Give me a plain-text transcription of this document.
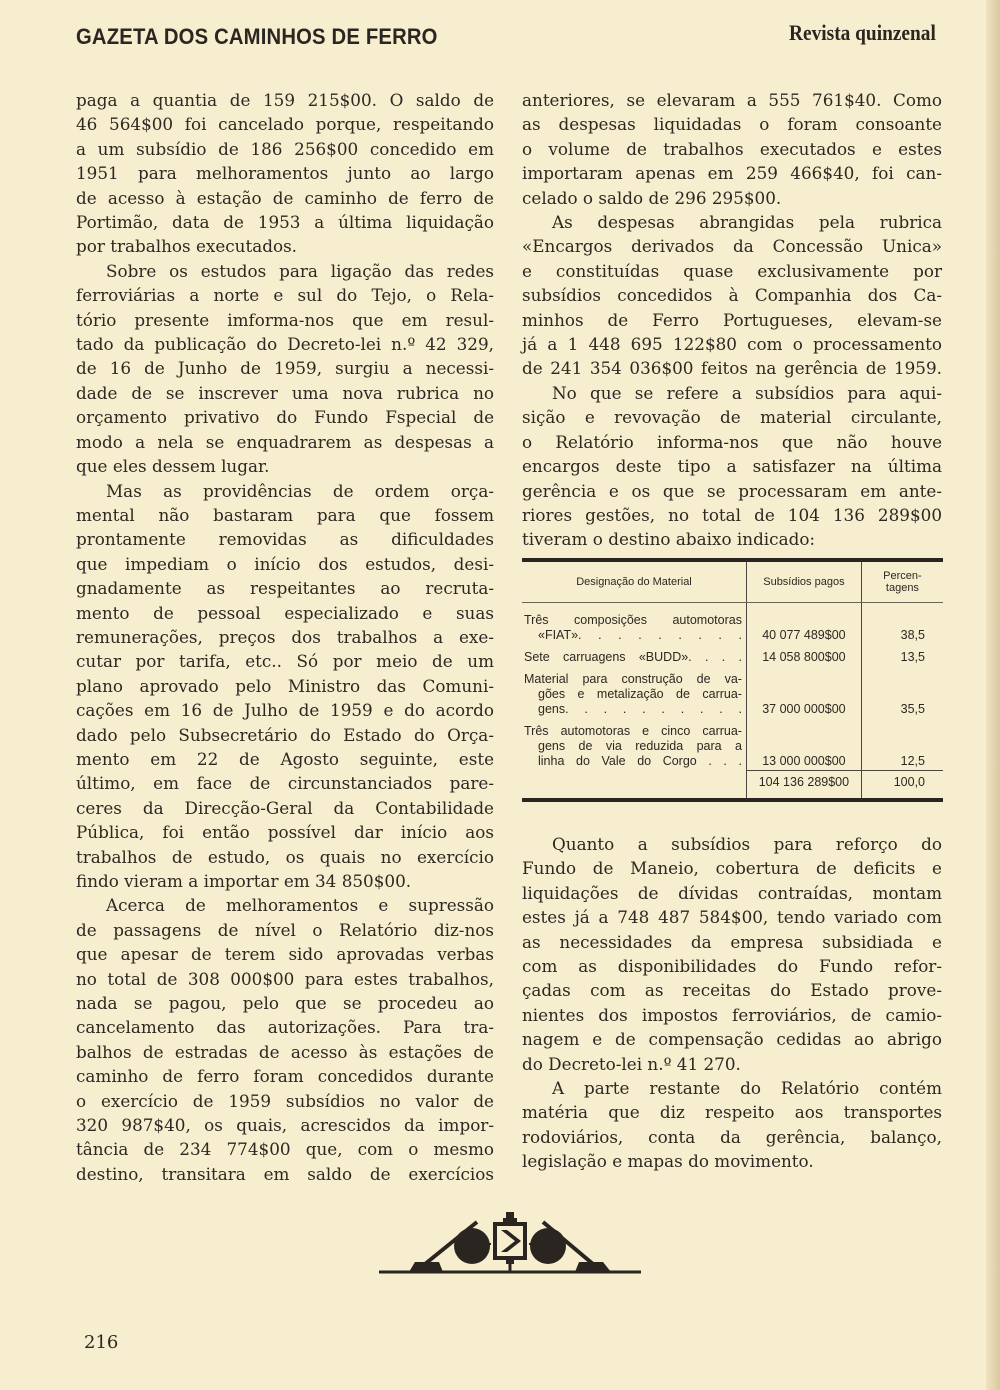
GAZETA DOS CAMINHOS DE FERRO	Revista quinzenal
paga a quantia de 159 215$00. O saldo de
46 564$00 foi cancelado porque, respeitando
a um subsídio de 186 256$00 concedido em
1951 para melhoramentos junto ao largo
de acesso à estação de caminho de ferro de
Portimão, data de 1953 a última liquidação
por trabalhos executados.
Sobre os estudos para ligação das redes
ferroviárias a norte e sul do Tejo, o Rela-
tório presente imforma-nos que em resul-
tado da publicação do Decreto-lei n.º 42 329,
de 16 de Junho de 1959, surgiu a necessi-
dade de se inscrever uma nova rubrica no
orçamento privativo do Fundo Fspecial de
modo a nela se enquadrarem as despesas a
que eles dessem lugar.
Mas as providências de ordem orça-
mental não bastaram para que fossem
prontamente removidas as dificuldades
que impediam o início dos estudos, desi-
gnadamente as respeitantes ao recruta-
mento de pessoal especializado e suas
remunerações, preços dos trabalhos a exe-
cutar por tarifa, etc.. Só por meio de um
plano aprovado pelo Ministro das Comuni-
cações em 16 de Julho de 1959 e do acordo
dado pelo Subsecretário do Estado do Orça-
mento em 22 de Agosto seguinte, este
último, em face de circunstanciados pare-
ceres da Direcção-Geral da Contabilidade
Pública, foi então possível dar início aos
trabalhos de estudo, os quais no exercício
findo vieram a importar em 34 850$00.
Acerca de melhoramentos e supressão
de passagens de nível o Relatório diz-nos
que apesar de terem sido aprovadas verbas
no total de 308 000$00 para estes trabalhos,
nada se pagou, pelo que se procedeu ao
cancelamento das autorizações. Para tra-
balhos de estradas de acesso às estações de
caminho de ferro foram concedidos durante
o exercício de 1959 subsídios no valor de
320 987$40, os quais, acrescidos da impor-
tância de 234 774$00 que, com o mesmo
destino, transitara em saldo de exercícios
anteriores, se elevaram a 555 761$40. Como
as despesas liquidadas o foram consoante
o volume de trabalhos executados e estes
importaram apenas em 259 466$40, foi can-
celado o saldo de 296 295$00.
As despesas abrangidas pela rubrica
«Encargos derivados da Concessão Unica»
e constituídas quase exclusivamente por
subsídios concedidos à Companhia dos Ca-
minhos de Ferro Portugueses, elevam-se
já a 1 448 695 122$80 com o processamento
de 241 354 036$00 feitos na gerência de 1959.
No que se refere a subsídios para aqui-
sição e revovação de material circulante,
o Relatório informa-nos que não houve
encargos deste tipo a satisfazer na última
gerência e os que se processaram em ante-
riores gestões, no total de 104 136 289$00
tiveram o destino abaixo indicado:
Designação do Material	Subsídios pagos	Percen-
tagens

Três composições automotoras
«FIAT». . . . . . . . .	40 077 489$00	38,5

Sete carruagens «BUDD». . . .	14 058 800$00	13,5

Material para construção de va-
gões e metalização de carrua-
gens. . . . . . . . . .	37 000 000$00	35,5

Três automotoras e cinco carrua-
gens de via reduzida para a
linha do Vale do Corgo . . .	13 000 000$00	12,5
	104 136 289$00	100,0
Quanto a subsídios para reforço do
Fundo de Maneio, cobertura de deficits e
liquidações de dívidas contraídas, montam
estes já a 748 487 584$00, tendo variado com
as necessidades da empresa subsidiada e
com as disponibilidades do Fundo refor-
çadas com as receitas do Estado prove-
nientes dos impostos ferroviários, de camio-
nagem e de compensação cedidas ao abrigo
do Decreto-lei n.º 41 270.
A parte restante do Relatório contém
matéria que diz respeito aos transportes
rodoviários, conta da gerência, balanço,
legislação e mapas do movimento.
216
